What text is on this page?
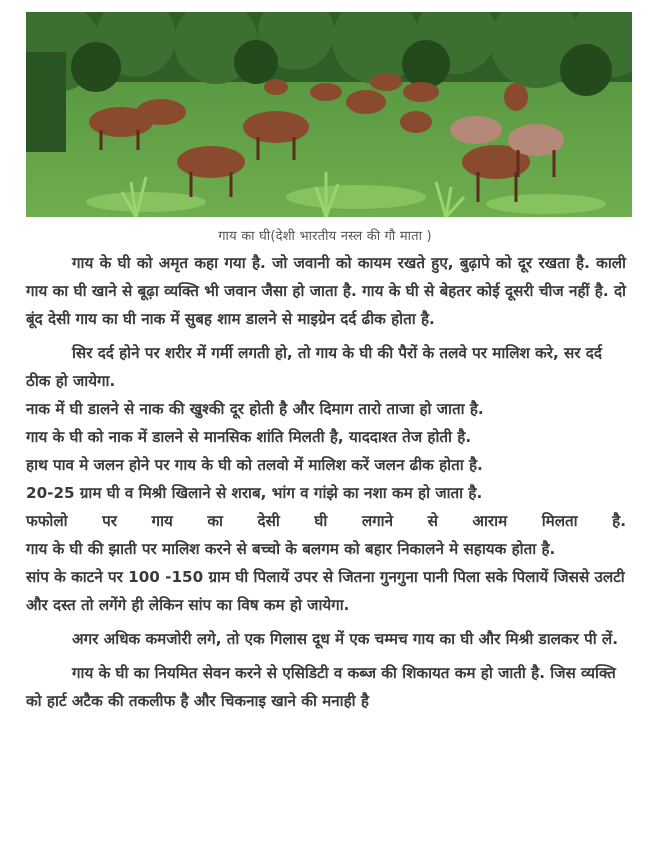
गाय का घी(देशी भारतीय नस्ल की गौ माता )

गाय के घी को अमृत कहा गया है. जो जवानी को कायम रखते हुए, बुढ़ापे को दूर रखता है. काली गाय का घी खाने से बूढ़ा व्यक्ति भी जवान जैसा हो जाता है. गाय के घी से बेहतर कोई दूसरी चीज नहीं है. दो बूंद देसी गाय का घी नाक में सुबह शाम डालने से माइग्रेन दर्द ढीक होता है.

सिर दर्द होने पर शरीर में गर्मी लगती हो, तो गाय के घी की पैरों के तलवे पर मालिश करे, सर दर्द ठीक हो जायेगा.

नाक में घी डालने से नाक की खुश्की दूर होती है और दिमाग तारो ताजा हो जाता है.

गाय के घी को नाक में डालने से मानसिक शांति मिलती है, याददाश्त तेज होती है.

हाथ पाव मे जलन होने पर गाय के घी को तलवो में मालिश करें जलन ढीक होता है.

20-25 ग्राम घी व मिश्री खिलाने से शराब, भांग व गांझे का नशा कम हो जाता है.

फफोलो पर गाय का देसी घी लगाने से आराम मिलता है.

गाय के घी की झाती पर मालिश करने से बच्चो के बलगम को बहार निकालने मे सहायक होता है.

सांप के काटने पर 100 -150 ग्राम घी पिलायें उपर से जितना गुनगुना पानी पिला सके पिलायें जिससे उलटी और दस्त तो लगेंगे ही लेकिन सांप का विष कम हो जायेगा.

अगर अधिक कमजोरी लगे, तो एक गिलास दूध में एक चम्मच गाय का घी और मिश्री डालकर पी लें.

गाय के घी का नियमित सेवन करने से एसिडिटी व कब्ज की शिकायत कम हो जाती है. जिस व्यक्ति को हार्ट अटैक की तकलीफ है और चिकनाइ खाने की मनाही है
